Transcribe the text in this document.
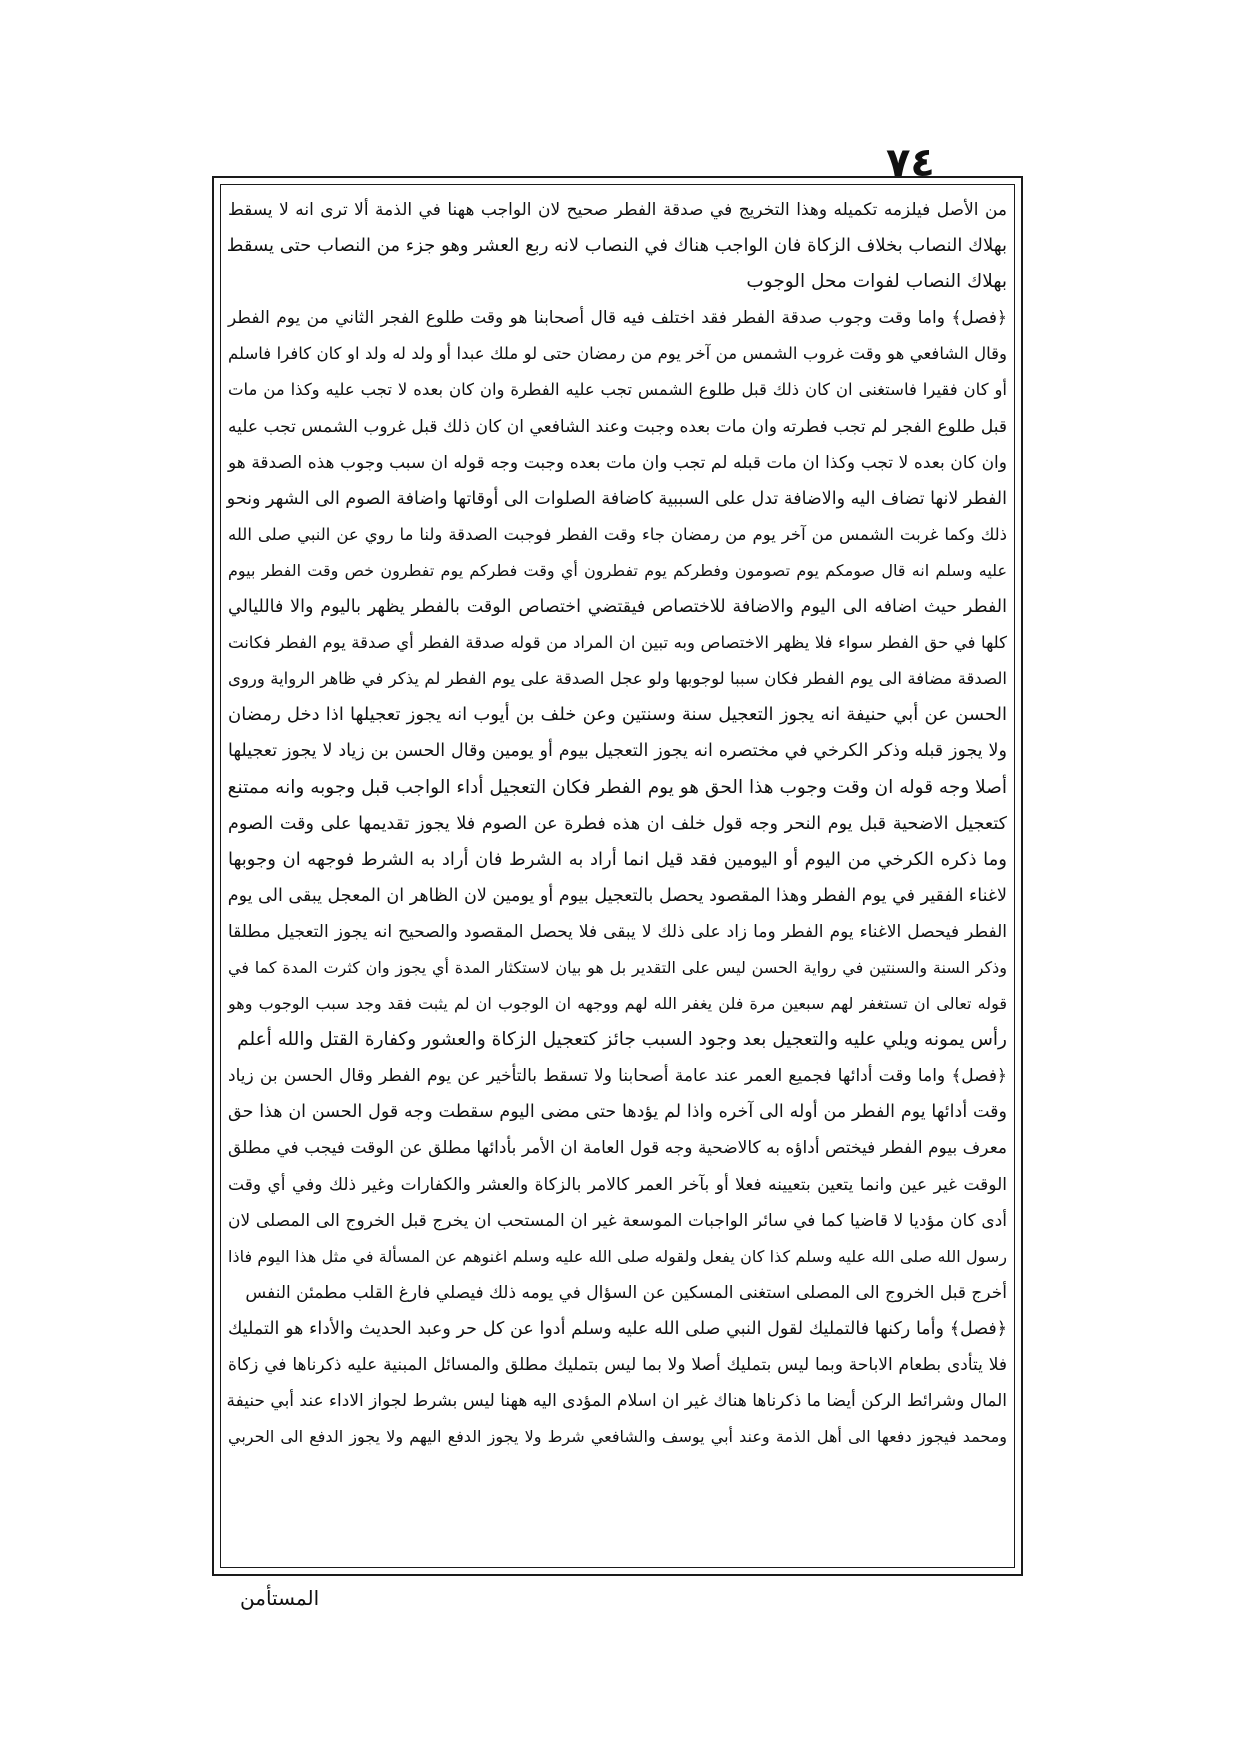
٧٤
من الأصل فيلزمه تكميله وهذا التخريج في صدقة الفطر صحيح لان الواجب ههنا في الذمة ألا ترى انه لا يسقط
بهلاك النصاب بخلاف الزكاة فان الواجب هناك في النصاب لانه ربع العشر وهو جزء من النصاب حتى يسقط
بهلاك النصاب لفوات محل الوجوب
﴿فصل﴾ واما وقت وجوب صدقة الفطر فقد اختلف فيه قال أصحابنا هو وقت طلوع الفجر الثاني من يوم الفطر
وقال الشافعي هو وقت غروب الشمس من آخر يوم من رمضان حتى لو ملك عبدا أو ولد له ولد او كان كافرا فاسلم
أو كان فقيرا فاستغنى ان كان ذلك قبل طلوع الشمس تجب عليه الفطرة وان كان بعده لا تجب عليه وكذا من مات
قبل طلوع الفجر لم تجب فطرته وان مات بعده وجبت وعند الشافعي ان كان ذلك قبل غروب الشمس تجب عليه
وان كان بعده لا تجب وكذا ان مات قبله لم تجب وان مات بعده وجبت وجه قوله ان سبب وجوب هذه الصدقة هو
الفطر لانها تضاف اليه والاضافة تدل على السببية كاضافة الصلوات الى أوقاتها واضافة الصوم الى الشهر ونحو
ذلك وكما غربت الشمس من آخر يوم من رمضان جاء وقت الفطر فوجبت الصدقة ولنا ما روي عن النبي صلى الله
عليه وسلم انه قال صومكم يوم تصومون وفطركم يوم تفطرون أي وقت فطركم يوم تفطرون خص وقت الفطر بيوم
الفطر حيث اضافه الى اليوم والاضافة للاختصاص فيقتضي اختصاص الوقت بالفطر يظهر باليوم والا فالليالي
كلها في حق الفطر سواء فلا يظهر الاختصاص وبه تبين ان المراد من قوله صدقة الفطر أي صدقة يوم الفطر فكانت
الصدقة مضافة الى يوم الفطر فكان سببا لوجوبها ولو عجل الصدقة على يوم الفطر لم يذكر في ظاهر الرواية وروى
الحسن عن أبي حنيفة انه يجوز التعجيل سنة وسنتين وعن خلف بن أيوب انه يجوز تعجيلها اذا دخل رمضان
ولا يجوز قبله وذكر الكرخي في مختصره انه يجوز التعجيل بيوم أو يومين وقال الحسن بن زياد لا يجوز تعجيلها
أصلا وجه قوله ان وقت وجوب هذا الحق هو يوم الفطر فكان التعجيل أداء الواجب قبل وجوبه وانه ممتنع
كتعجيل الاضحية قبل يوم النحر وجه قول خلف ان هذه فطرة عن الصوم فلا يجوز تقديمها على وقت الصوم
وما ذكره الكرخي من اليوم أو اليومين فقد قيل انما أراد به الشرط فان أراد به الشرط فوجهه ان وجوبها
لاغناء الفقير في يوم الفطر وهذا المقصود يحصل بالتعجيل بيوم أو يومين لان الظاهر ان المعجل يبقى الى يوم
الفطر فيحصل الاغناء يوم الفطر وما زاد على ذلك لا يبقى فلا يحصل المقصود والصحيح انه يجوز التعجيل مطلقا
وذكر السنة والسنتين في رواية الحسن ليس على التقدير بل هو بيان لاستكثار المدة أي يجوز وان كثرت المدة كما في
قوله تعالى ان تستغفر لهم سبعين مرة فلن يغفر الله لهم ووجهه ان الوجوب ان لم يثبت فقد وجد سبب الوجوب وهو
رأس يمونه ويلي عليه والتعجيل بعد وجود السبب جائز كتعجيل الزكاة والعشور وكفارة القتل والله أعلم
﴿فصل﴾ واما وقت أدائها فجميع العمر عند عامة أصحابنا ولا تسقط بالتأخير عن يوم الفطر وقال الحسن بن زياد
وقت أدائها يوم الفطر من أوله الى آخره واذا لم يؤدها حتى مضى اليوم سقطت وجه قول الحسن ان هذا حق
معرف بيوم الفطر فيختص أداؤه به كالاضحية وجه قول العامة ان الأمر بأدائها مطلق عن الوقت فيجب في مطلق
الوقت غير عين وانما يتعين بتعيينه فعلا أو بآخر العمر كالامر بالزكاة والعشر والكفارات وغير ذلك وفي أي وقت
أدى كان مؤديا لا قاضيا كما في سائر الواجبات الموسعة غير ان المستحب ان يخرج قبل الخروج الى المصلى لان
رسول الله صلى الله عليه وسلم كذا كان يفعل ولقوله صلى الله عليه وسلم اغنوهم عن المسألة في مثل هذا اليوم فاذا
أخرج قبل الخروج الى المصلى استغنى المسكين عن السؤال في يومه ذلك فيصلي فارغ القلب مطمئن النفس
﴿فصل﴾ وأما ركنها فالتمليك لقول النبي صلى الله عليه وسلم أدوا عن كل حر وعبد الحديث والأداء هو التمليك
فلا يتأدى بطعام الاباحة وبما ليس بتمليك أصلا ولا بما ليس بتمليك مطلق والمسائل المبنية عليه ذكرناها في زكاة
المال وشرائط الركن أيضا ما ذكرناها هناك غير ان اسلام المؤدى اليه ههنا ليس بشرط لجواز الاداء عند أبي حنيفة
ومحمد فيجوز دفعها الى أهل الذمة وعند أبي يوسف والشافعي شرط ولا يجوز الدفع اليهم ولا يجوز الدفع الى الحربي
المستأمن
